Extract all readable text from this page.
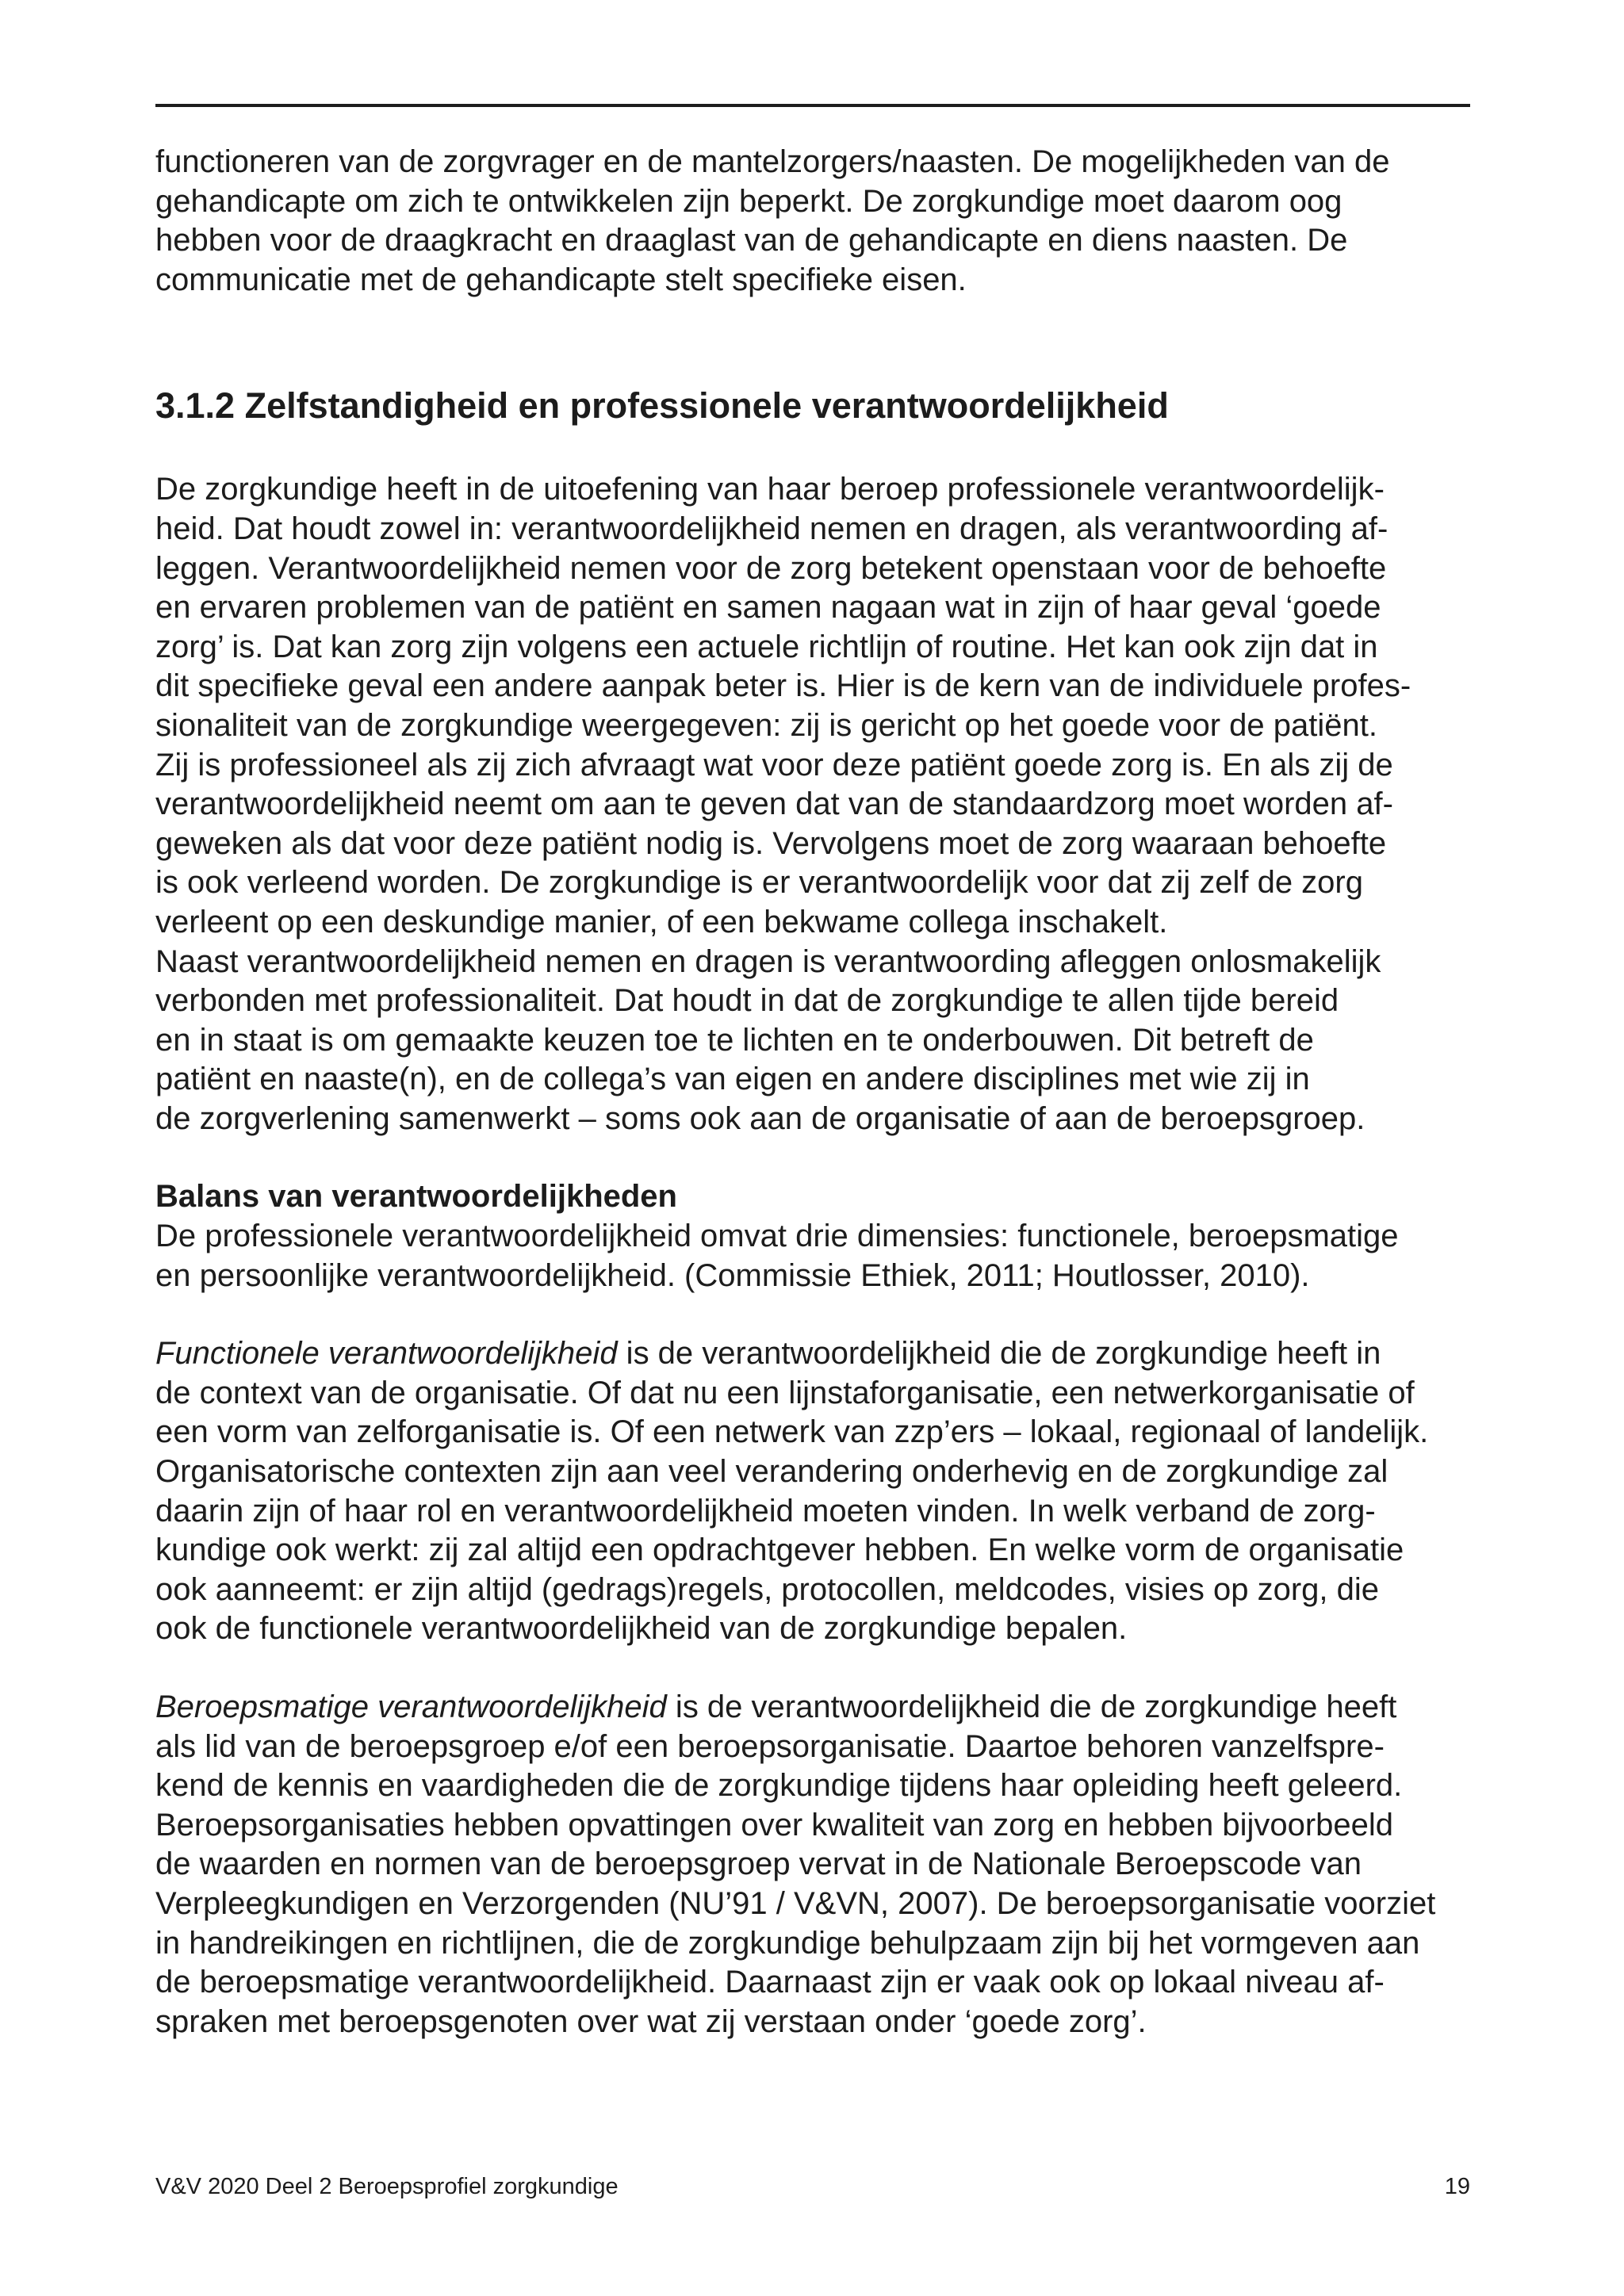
functioneren van de zorgvrager en de mantelzorgers/naasten. De mogelijkheden van de
gehandicapte om zich te ontwikkelen zijn beperkt. De zorgkundige moet daarom oog
hebben voor de draagkracht en draaglast van de gehandicapte en diens naasten. De
communicatie met de gehandicapte stelt specifieke eisen.
3.1.2 Zelfstandigheid en professionele verantwoordelijkheid
De zorgkundige heeft in de uitoefening van haar beroep professionele verantwoordelijk-
heid. Dat houdt zowel in: verantwoordelijkheid nemen en dragen, als verantwoording af-
leggen. Verantwoordelijkheid nemen voor de zorg betekent openstaan voor de behoefte
en ervaren problemen van de patiënt en samen nagaan wat in zijn of haar geval ‘goede
zorg’ is. Dat kan zorg zijn volgens een actuele richtlijn of routine. Het kan ook zijn dat in
dit specifieke geval een andere aanpak beter is. Hier is de kern van de individuele profes-
sionaliteit van de zorgkundige weergegeven: zij is gericht op het goede voor de patiënt.
Zij is professioneel als zij zich afvraagt wat voor deze patiënt goede zorg is. En als zij de
verantwoordelijkheid neemt om aan te geven dat van de standaardzorg moet worden af-
geweken als dat voor deze patiënt nodig is. Vervolgens moet de zorg waaraan behoefte
is ook verleend worden. De zorgkundige is er verantwoordelijk voor dat zij zelf de zorg
verleent op een deskundige manier, of een bekwame collega inschakelt.
Naast verantwoordelijkheid nemen en dragen is verantwoording afleggen onlosmakelijk
verbonden met professionaliteit. Dat houdt in dat de zorgkundige te allen tijde bereid
en in staat is om gemaakte keuzen toe te lichten en te onderbouwen. Dit betreft de
patiënt en naaste(n), en de collega’s van eigen en andere disciplines met wie zij in
de zorgverlening samenwerkt – soms ook aan de organisatie of aan de beroepsgroep.
Balans van verantwoordelijkheden
De professionele verantwoordelijkheid omvat drie dimensies: functionele, beroepsmatige
en persoonlijke verantwoordelijkheid. (Commissie Ethiek, 2011; Houtlosser, 2010).
Functionele verantwoordelijkheid is de verantwoordelijkheid die de zorgkundige heeft in
de context van de organisatie. Of dat nu een lijnstaforganisatie, een netwerkorganisatie of
een vorm van zelforganisatie is. Of een netwerk van zzp’ers – lokaal, regionaal of landelijk.
Organisatorische contexten zijn aan veel verandering onderhevig en de zorgkundige zal
daarin zijn of haar rol en verantwoordelijkheid moeten vinden. In welk verband de zorg-
kundige ook werkt: zij zal altijd een opdrachtgever hebben. En welke vorm de organisatie
ook aanneemt: er zijn altijd (gedrags)regels, protocollen, meldcodes, visies op zorg, die
ook de functionele verantwoordelijkheid van de zorgkundige bepalen.
Beroepsmatige verantwoordelijkheid is de verantwoordelijkheid die de zorgkundige heeft
als lid van de beroepsgroep e/of een beroepsorganisatie. Daartoe behoren vanzelfspre-
kend de kennis en vaardigheden die de zorgkundige tijdens haar opleiding heeft geleerd.
Beroepsorganisaties hebben opvattingen over kwaliteit van zorg en hebben bijvoorbeeld
de waarden en normen van de beroepsgroep vervat in de Nationale Beroepscode van
Verpleegkundigen en Verzorgenden (NU’91 / V&VN, 2007). De beroepsorganisatie voorziet
in handreikingen en richtlijnen, die de zorgkundige behulpzaam zijn bij het vormgeven aan
de beroepsmatige verantwoordelijkheid. Daarnaast zijn er vaak ook op lokaal niveau af-
spraken met beroepsgenoten over wat zij verstaan onder ‘goede zorg’.
V&V 2020 Deel 2 Beroepsprofiel zorgkundige	19
